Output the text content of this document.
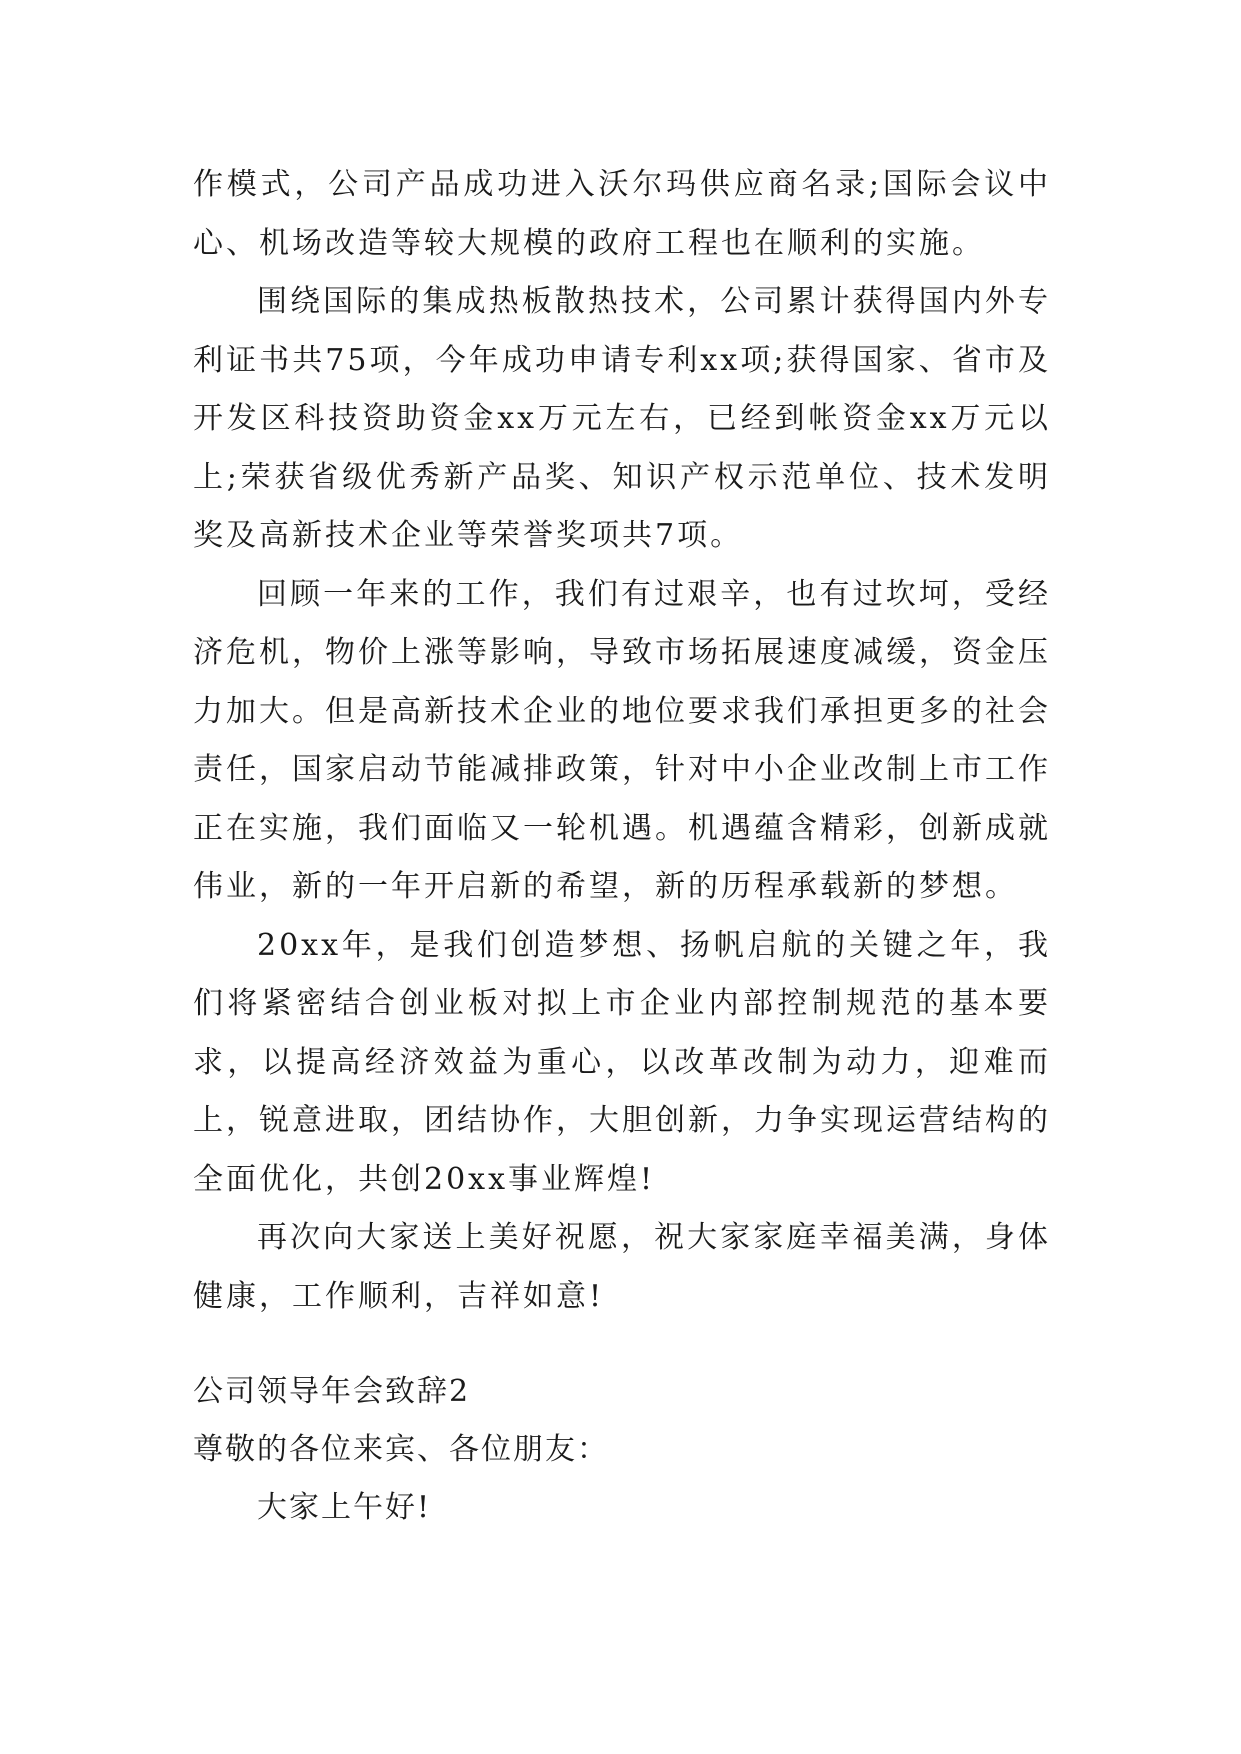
作模式，公司产品成功进入沃尔玛供应商名录;国际会议中心、机场改造等较大规模的政府工程也在顺利的实施。

围绕国际的集成热板散热技术，公司累计获得国内外专利证书共75项，今年成功申请专利xx项;获得国家、省市及开发区科技资助资金xx万元左右，已经到帐资金xx万元以上;荣获省级优秀新产品奖、知识产权示范单位、技术发明奖及高新技术企业等荣誉奖项共7项。

回顾一年来的工作，我们有过艰辛，也有过坎坷，受经济危机，物价上涨等影响，导致市场拓展速度减缓，资金压力加大。但是高新技术企业的地位要求我们承担更多的社会责任，国家启动节能减排政策，针对中小企业改制上市工作正在实施，我们面临又一轮机遇。机遇蕴含精彩，创新成就伟业，新的一年开启新的希望，新的历程承载新的梦想。

20xx年，是我们创造梦想、扬帆启航的关键之年，我们将紧密结合创业板对拟上市企业内部控制规范的基本要求，以提高经济效益为重心，以改革改制为动力，迎难而上，锐意进取，团结协作，大胆创新，力争实现运营结构的全面优化，共创20xx事业辉煌!

再次向大家送上美好祝愿，祝大家家庭幸福美满，身体健康，工作顺利，吉祥如意!

公司领导年会致辞2

尊敬的各位来宾、各位朋友：

大家上午好!
